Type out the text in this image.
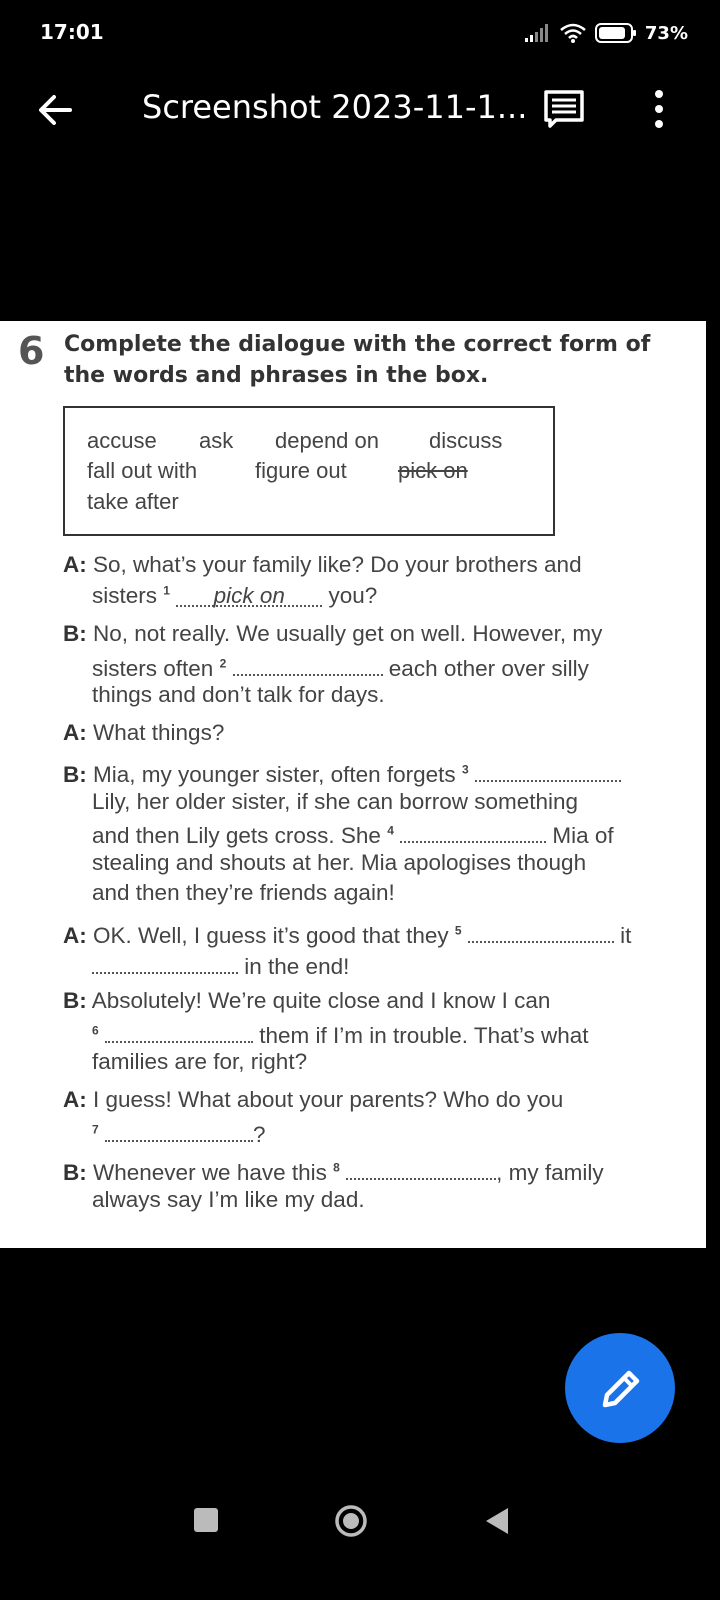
17:01	73%
Screenshot 2023-11-1...
6 Complete the dialogue with the correct form of the words and phrases in the box.
accuse ask depend on discuss
fall out with	figure out pick on
take after
A: So, what’s your family like? Do your brothers and
sisters $^1$ pick on you?
B: No, not really. We usually get on well. However, my
sisters often $^2$	each other over silly
things and don’t talk for days.
A: What things?
B: Mia, my younger sister, often forgets $^3$
Lily, her older sister, if she can borrow something
and then Lily gets cross. She $^4$	Mia of
stealing and shouts at her. Mia apologises though
and then they’re friends again!
A: OK. Well, I guess it’s good that they $^5$	it
in the end!
B: Absolutely! We’re quite close and I know I can
$^6$	them if I’m in trouble. That’s what
families are for, right?
A: I guess! What about your parents? Who do you
$^7$	?
B: Whenever we have this $^8$	, my family
always say I’m like my dad.
